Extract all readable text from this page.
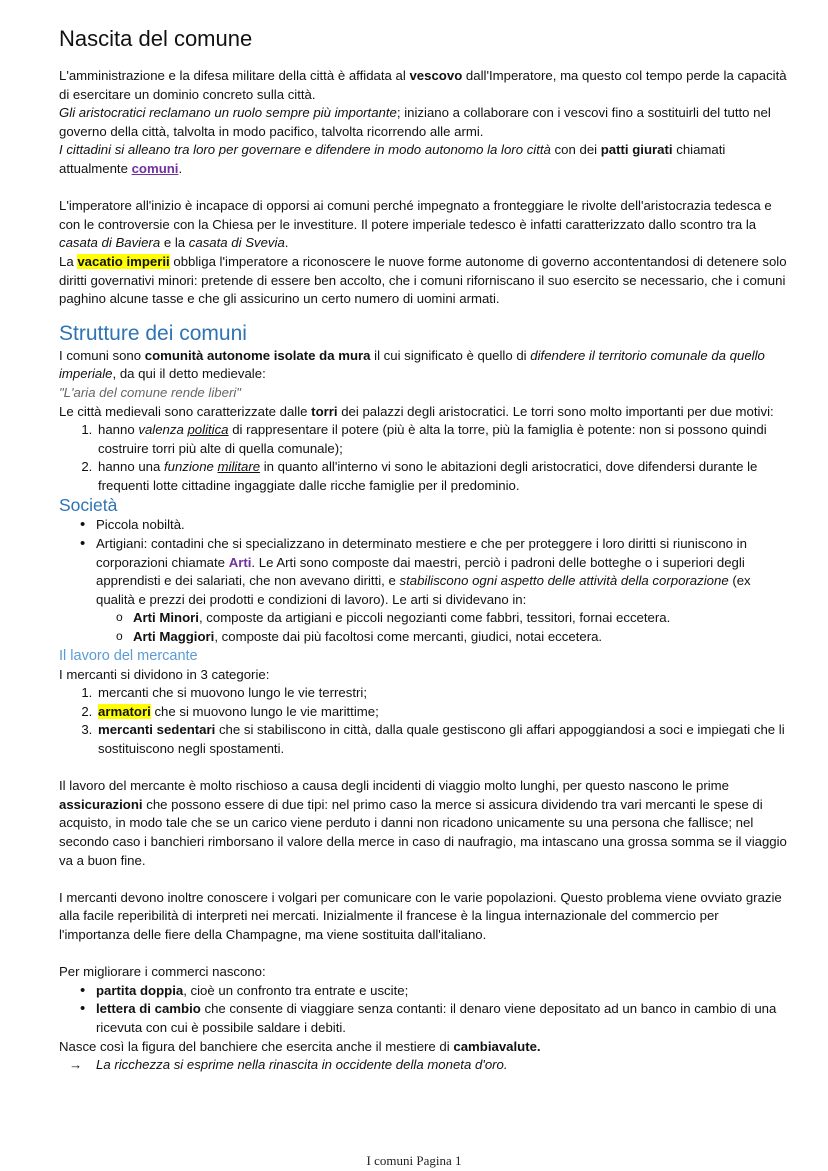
Nascita del comune

L'amministrazione e la difesa militare della città è affidata al vescovo dall'Imperatore, ma questo col tempo perde la capacità di esercitare un dominio concreto sulla città.

Gli aristocratici reclamano un ruolo sempre più importante; iniziano a collaborare con i vescovi fino a sostituirli del tutto nel governo della città, talvolta in modo pacifico, talvolta ricorrendo alle armi.

I cittadini si alleano tra loro per governare e difendere in modo autonomo la loro città con dei patti giurati chiamati attualmente comuni.

L'imperatore all'inizio è incapace di opporsi ai comuni perché impegnato a fronteggiare le rivolte dell'aristocrazia tedesca e con le controversie con la Chiesa per le investiture. Il potere imperiale tedesco è infatti caratterizzato dallo scontro tra la casata di Baviera e la casata di Svevia.

La vacatio imperii obbliga l'imperatore a riconoscere le nuove forme autonome di governo accontentandosi di detenere solo diritti governativi minori: pretende di essere ben accolto, che i comuni riforniscano il suo esercito se necessario, che i comuni paghino alcune tasse e che gli assicurino un certo numero di uomini armati.

Strutture dei comuni

I comuni sono comunità autonome isolate da mura il cui significato è quello di difendere il territorio comunale da quello imperiale, da qui il detto medievale:

"L'aria del comune rende liberi"

Le città medievali sono caratterizzate dalle torri dei palazzi degli aristocratici. Le torri sono molto importanti per due motivi:

1. hanno valenza politica di rappresentare il potere (più è alta la torre, più la famiglia è potente: non si possono quindi costruire torri più alte di quella comunale);
2. hanno una funzione militare in quanto all'interno vi sono le abitazioni degli aristocratici, dove difendersi durante le frequenti lotte cittadine ingaggiate dalle ricche famiglie per il predominio.
Società
• Piccola nobiltà.
• Artigiani: contadini che si specializzano in determinato mestiere e che per proteggere i loro diritti si riuniscono in corporazioni chiamate Arti. Le Arti sono composte dai maestri, perciò i padroni delle botteghe o i superiori degli apprendisti e dei salariati, che non avevano diritti, e stabiliscono ogni aspetto delle attività della corporazione (ex qualità e prezzi dei prodotti e condizioni di lavoro). Le arti si dividevano in:
o Arti Minori, composte da artigiani e piccoli negozianti come fabbri, tessitori, fornai eccetera.
o Arti Maggiori, composte dai più facoltosi come mercanti, giudici, notai eccetera.
Il lavoro del mercante

I mercanti si dividono in 3 categorie:

1. mercanti che si muovono lungo le vie terrestri;
2. armatori che si muovono lungo le vie marittime;
3. mercanti sedentari che si stabiliscono in città, dalla quale gestiscono gli affari appoggiandosi a soci e impiegati che li sostituiscono negli spostamenti.

Il lavoro del mercante è molto rischioso a causa degli incidenti di viaggio molto lunghi, per questo nascono le prime assicurazioni che possono essere di due tipi: nel primo caso la merce si assicura dividendo tra vari mercanti le spese di acquisto, in modo tale che se un carico viene perduto i danni non ricadono unicamente su una persona che fallisce; nel secondo caso i banchieri rimborsano il valore della merce in caso di naufragio, ma intascano una grossa somma se il viaggio va a buon fine.

I mercanti devono inoltre conoscere i volgari per comunicare con le varie popolazioni. Questo problema viene ovviato grazie alla facile reperibilità di interpreti nei mercati. Inizialmente il francese è la lingua internazionale del commercio per l'importanza delle fiere della Champagne, ma viene sostituita dall'italiano.

Per migliorare i commerci nascono:

• partita doppia, cioè un confronto tra entrate e uscite;
• lettera di cambio che consente di viaggiare senza contanti: il denaro viene depositato ad un banco in cambio di una ricevuta con cui è possibile saldare i debiti.

Nasce così la figura del banchiere che esercita anche il mestiere di cambiavalute.

→ La ricchezza si esprime nella rinascita in occidente della moneta d'oro.

I comuni Pagina 1
